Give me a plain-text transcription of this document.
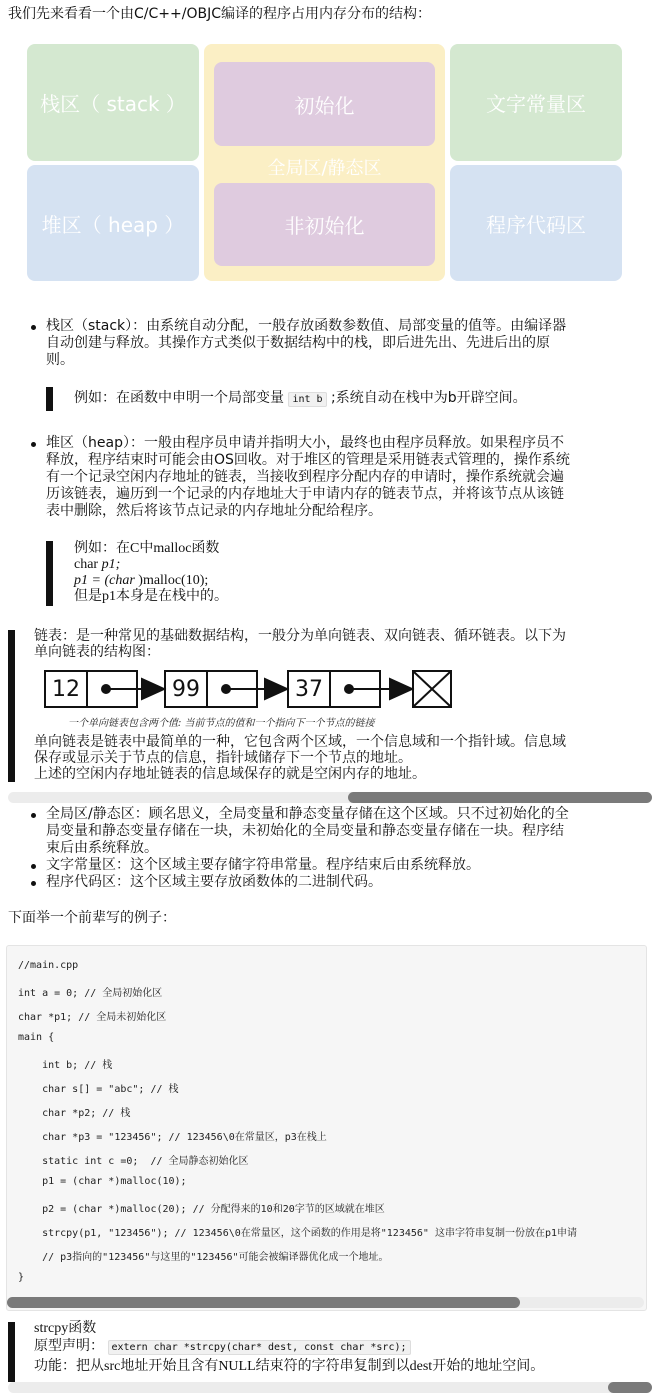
我们先来看看一个由C/C++/OBJC编译的程序占用内存分布的结构：
栈区（ stack ）
堆区（ heap ）
初始化
全局区/静态区
非初始化
文字常量区
程序代码区
栈区（stack）：由系统自动分配，一般存放函数参数值、局部变量的值等。由编译器
自动创建与释放。其操作方式类似于数据结构中的栈，即后进先出、先进后出的原
则。
例如：在函数中申明一个局部变量 int b ;系统自动在栈中为b开辟空间。
堆区（heap）：一般由程序员申请并指明大小，最终也由程序员释放。如果程序员不
释放，程序结束时可能会由OS回收。对于堆区的管理是采用链表式管理的，操作系统
有一个记录空闲内存地址的链表，当接收到程序分配内存的申请时，操作系统就会遍
历该链表，遍历到一个记录的内存地址大于申请内存的链表节点，并将该节点从该链
表中删除，然后将该节点记录的内存地址分配给程序。
例如：在C中malloc函数
char p1;
p1 = (char )malloc(10);
但是p1本身是在栈中的。
链表：是一种常见的基础数据结构，一般分为单向链表、双向链表、循环链表。以下为
单向链表的结构图：
12	99	37
一个单向链表包含两个值: 当前节点的值和一个指向下一个节点的链接
单向链表是链表中最简单的一种，它包含两个区域，一个信息域和一个指针域。信息域
保存或显示关于节点的信息，指针域储存下一个节点的地址。
上述的空闲内存地址链表的信息域保存的就是空闲内存的地址。
全局区/静态区：顾名思义，全局变量和静态变量存储在这个区域。只不过初始化的全
局变量和静态变量存储在一块，未初始化的全局变量和静态变量存储在一块。程序结
束后由系统释放。
文字常量区：这个区域主要存储字符串常量。程序结束后由系统释放。
程序代码区：这个区域主要存放函数体的二进制代码。
下面举一个前辈写的例子：
//main.cpp
int a = 0; // 全局初始化区
char *p1; // 全局未初始化区
main {
int b; // 栈
char s[] = "abc"; // 栈
char *p2; // 栈
char *p3 = "123456"; // 123456\0在常量区，p3在栈上
static int c =0;  // 全局静态初始化区
p1 = (char *)malloc(10);
p2 = (char *)malloc(20); // 分配得来的10和20字节的区域就在堆区
strcpy(p1, "123456"); // 123456\0在常量区，这个函数的作用是将"123456" 这串字符串复制一份放在p1申请
// p3指向的"123456"与这里的"123456"可能会被编译器优化成一个地址。
}
strcpy函数
原型声明： extern char *strcpy(char* dest, const char *src);
功能：把从src地址开始且含有NULL结束符的字符串复制到以dest开始的地址空间。
